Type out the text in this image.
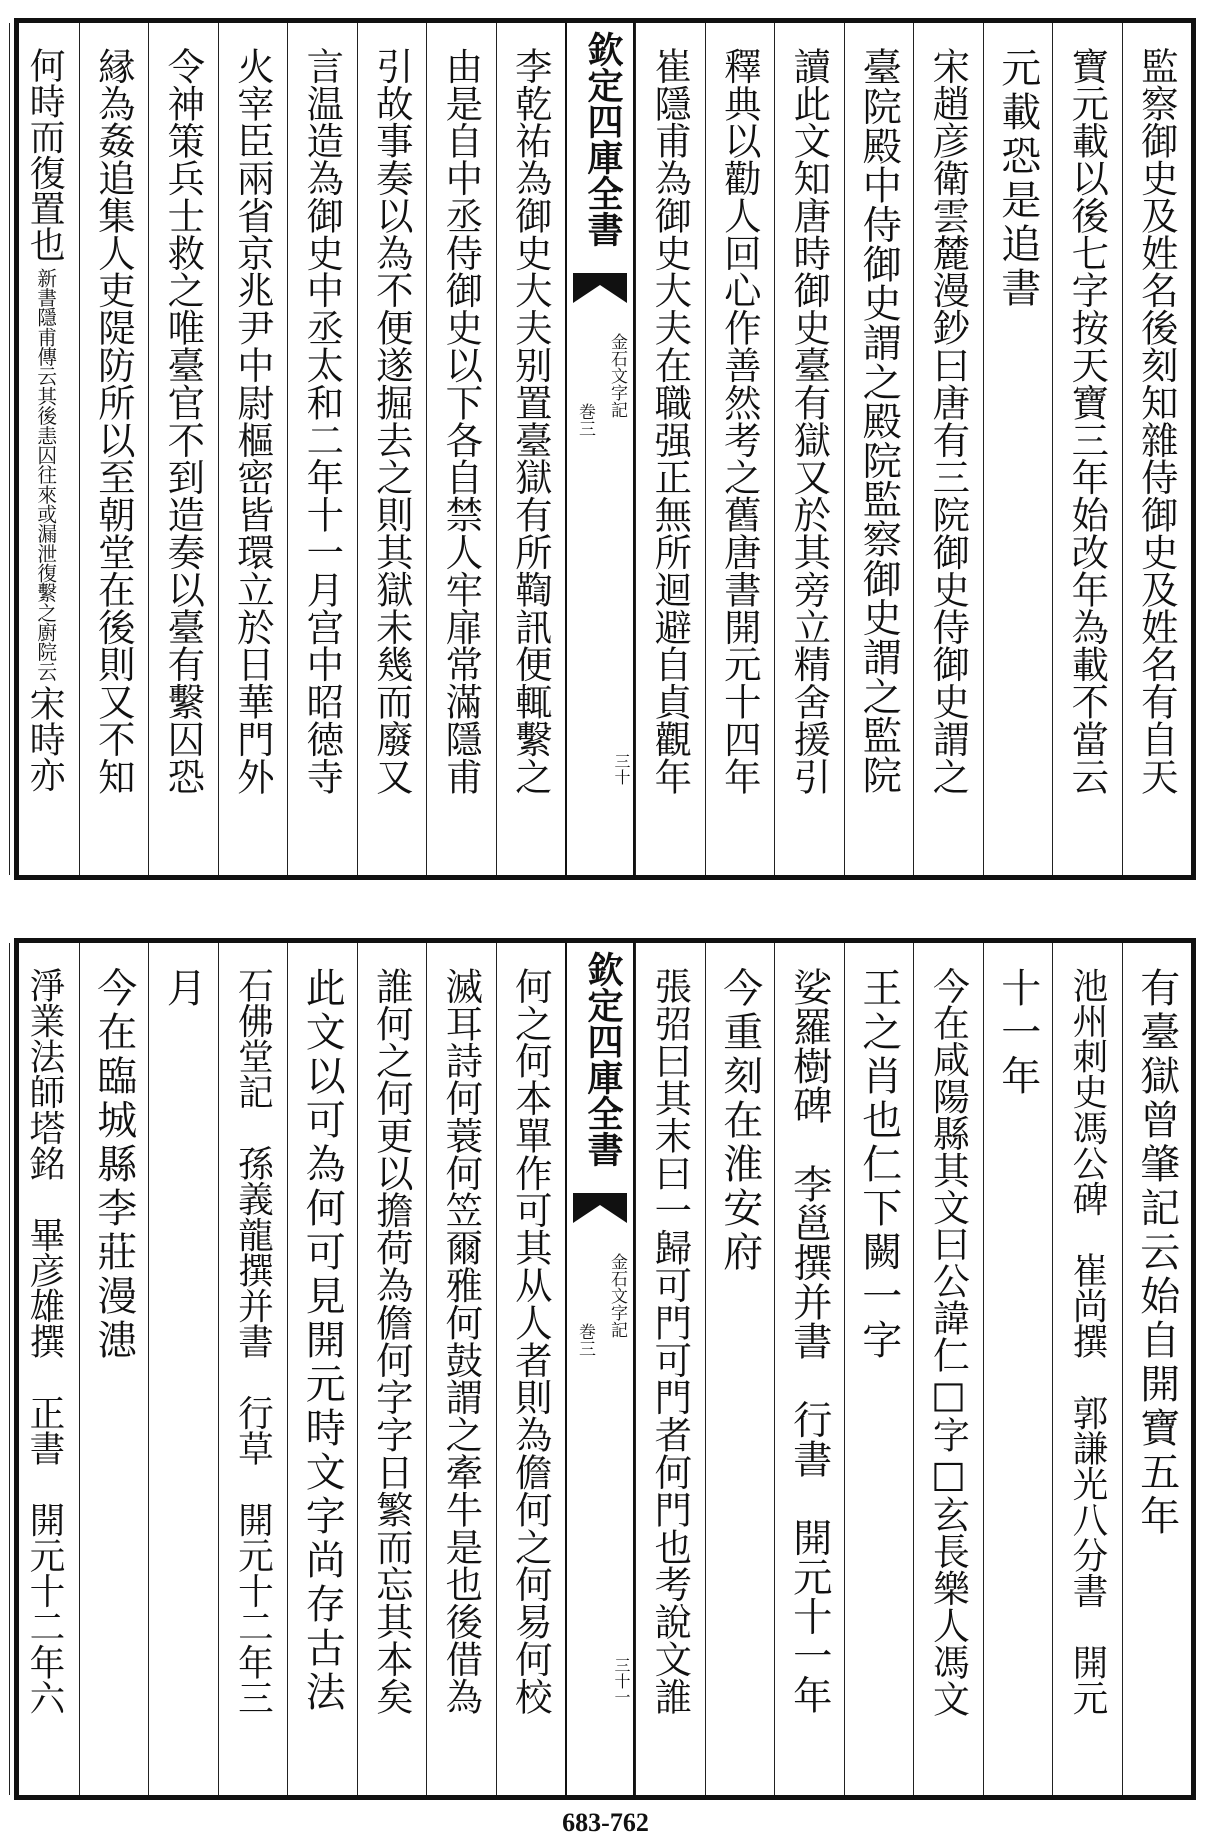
監察御史及姓名後刻知雜侍御史及姓名有自天
寶元載以後七字按天寶三年始改年為載不當云
元載恐是追書
宋趙彦衛雲麓漫鈔曰唐有三院御史侍御史謂之
臺院殿中侍御史謂之殿院監察御史謂之監院
讀此文知唐時御史臺有獄又於其旁立精舍援引
釋典以勸人回心作善然考之舊唐書開元十四年
崔隱甫為御史大夫在職强正無所迴避自貞觀年
李乾祐為御史大夫别置臺獄有所鞫訊便輒繫之
由是自中丞侍御史以下各自禁人牢扉常滿隱甫
引故事奏以為不便遂掘去之則其獄未幾而廢又
言温造為御史中丞太和二年十一月宫中昭徳寺
火宰臣兩省京兆尹中尉樞密皆環立於日華門外
令神策兵士救之唯臺官不到造奏以臺有繫囚恐
縁為姦追集人吏隄防所以至朝堂在後則又不知
何時而復置也
新書隱甫傳云其後恚囚往來或漏泄復繫之廚院云
宋時亦
欽定四庫全書
金石文字記
巻三
三十
有臺獄曾肇記云始自開寶五年
池州刺史馮公碑　崔尚撰　郭謙光八分書　開元
十一年
今在咸陽縣其文曰公諱仁□字□玄長樂人馮文
王之肖也仁下闕一字
娑羅樹碑　李邕撰并書　行書　開元十一年
今重刻在淮安府
張弨曰其末曰一歸可門可門者何門也考說文誰
何之何本單作可其从人者則為儋何之何易何校
滅耳詩何蓑何笠爾雅何鼓謂之牽牛是也後借為
誰何之何更以擔荷為儋何字字日繁而忘其本矣
此文以可為何可見開元時文字尚存古法
石佛堂記　孫義龍撰并書　行草　開元十二年三
月
今在臨城縣李莊漫漶
淨業法師塔銘　畢彦雄撰　正書　開元十二年六	欽定四庫全書
金石文字記
巻三
三十一
683-762
